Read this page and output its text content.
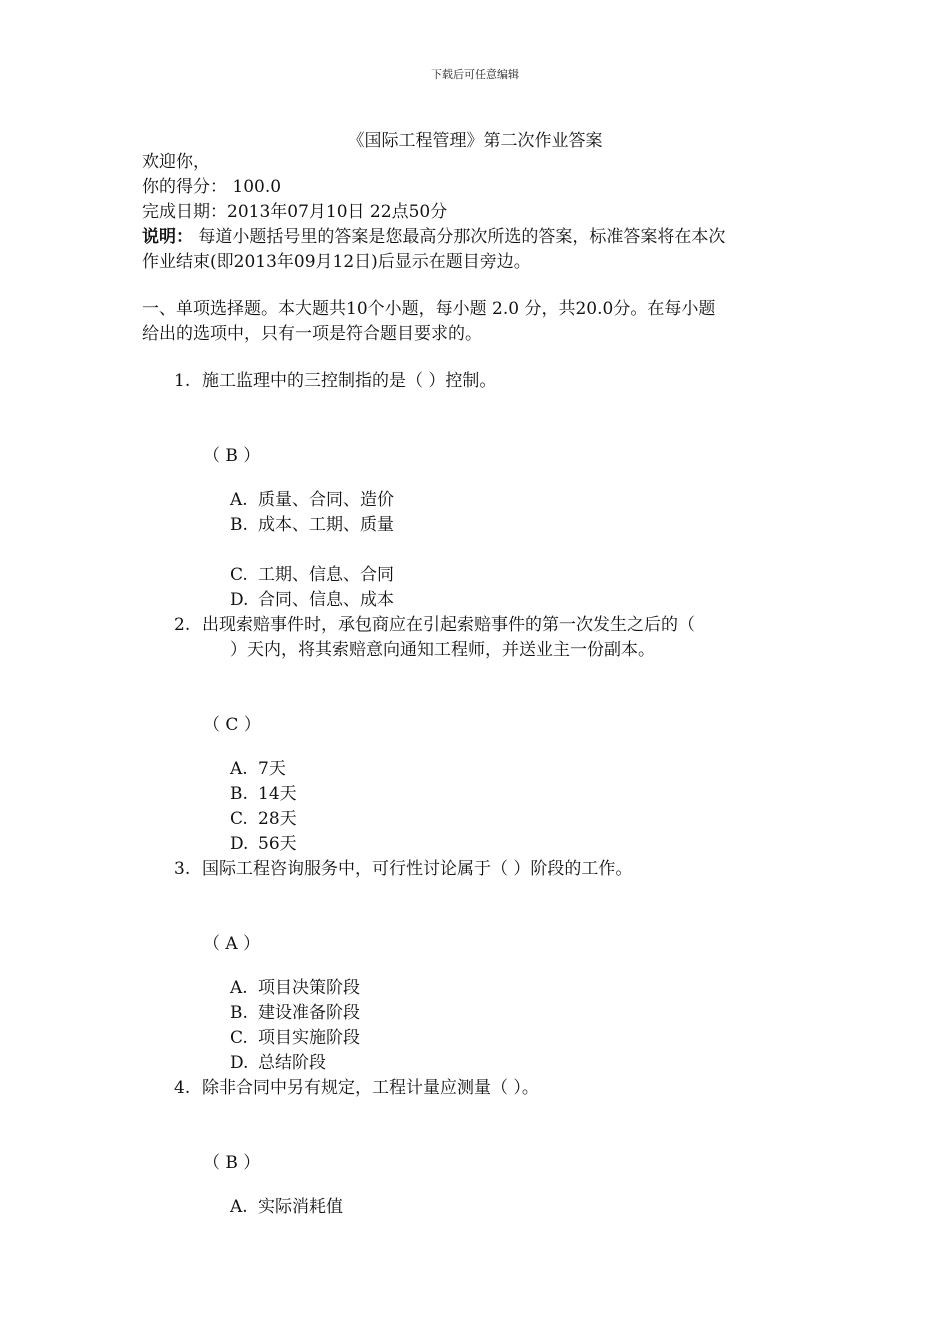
下载后可任意编辑
《国际工程管理》第二次作业答案
欢迎你，
你的得分： 100.0
完成日期：2013年07月10日 22点50分
说明： 每道小题括号里的答案是您最高分那次所选的答案，标准答案将在本次
作业结束(即2013年09月12日)后显示在题目旁边。
一、单项选择题。本大题共10个小题，每小题 2.0 分，共20.0分。在每小题
给出的选项中，只有一项是符合题目要求的。
1. 施工监理中的三控制指的是（ ）控制。
（ B ）
A. 质量、合同、造价
B. 成本、工期、质量
C. 工期、信息、合同
D. 合同、信息、成本
2. 出现索赔事件时，承包商应在引起索赔事件的第一次发生之后的（
）天内，将其索赔意向通知工程师，并送业主一份副本。
（ C ）
A. 7天
B. 14天
C. 28天
D. 56天
3. 国际工程咨询服务中，可行性讨论属于（ ）阶段的工作。
（ A ）
A. 项目决策阶段
B. 建设准备阶段
C. 项目实施阶段
D. 总结阶段
4. 除非合同中另有规定，工程计量应测量（ ）。
（ B ）
A. 实际消耗值
